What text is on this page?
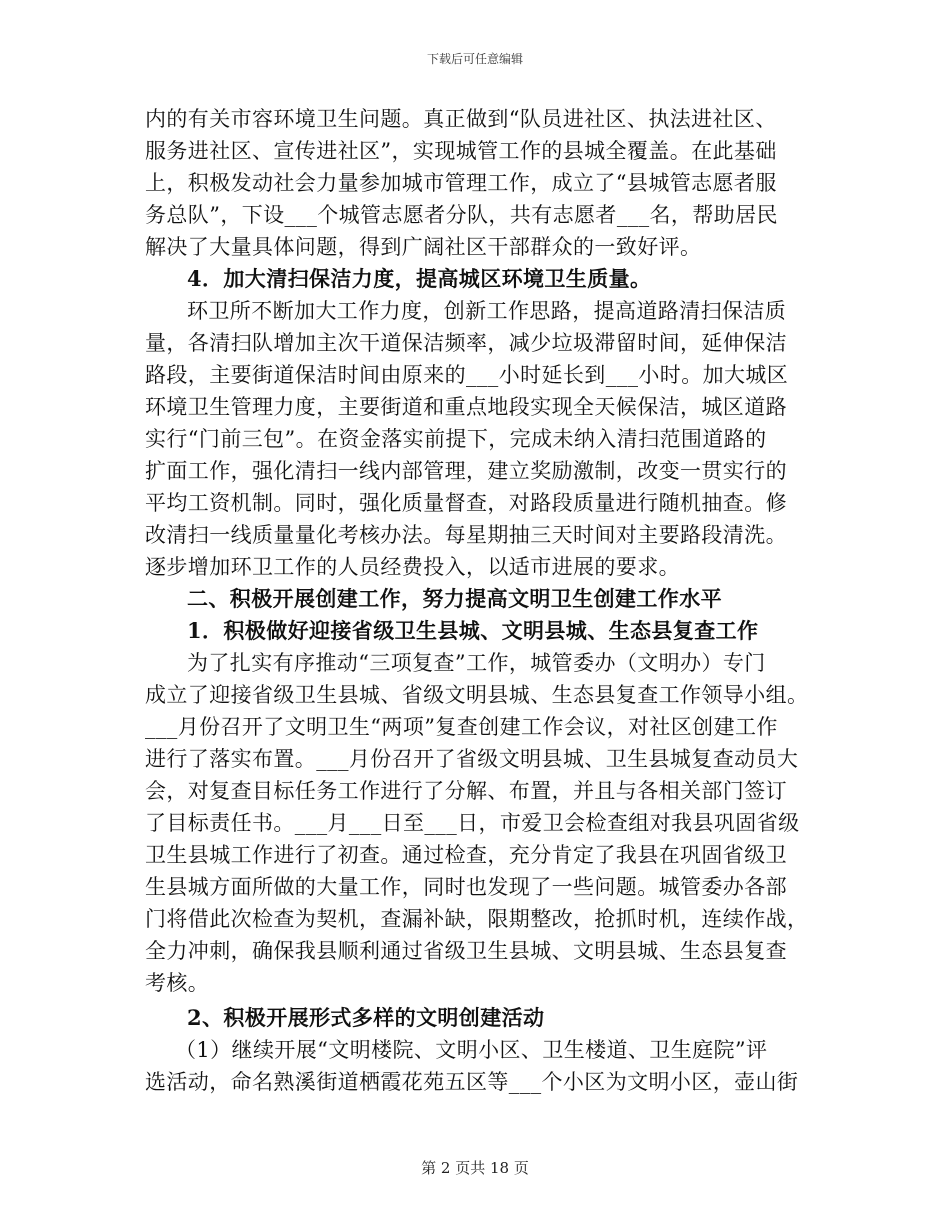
下载后可任意编辑
内的有关市容环境卫生问题。真正做到“队员进社区、执法进社区、
服务进社区、宣传进社区”，实现城管工作的县城全覆盖。在此基础
上，积极发动社会力量参加城市管理工作，成立了“县城管志愿者服
务总队”，下设___个城管志愿者分队，共有志愿者___名，帮助居民
解决了大量具体问题，得到广阔社区干部群众的一致好评。
4．加大清扫保洁力度，提高城区环境卫生质量。
环卫所不断加大工作力度，创新工作思路，提高道路清扫保洁质
量，各清扫队增加主次干道保洁频率，减少垃圾滞留时间，延伸保洁
路段，主要街道保洁时间由原来的___小时延长到___小时。加大城区
环境卫生管理力度，主要街道和重点地段实现全天候保洁，城区道路
实行“门前三包”。在资金落实前提下，完成未纳入清扫范围道路的
扩面工作，强化清扫一线内部管理，建立奖励激制，改变一贯实行的
平均工资机制。同时，强化质量督查，对路段质量进行随机抽查。修
改清扫一线质量量化考核办法。每星期抽三天时间对主要路段清洗。
逐步增加环卫工作的人员经费投入，以适市进展的要求。
二、积极开展创建工作，努力提高文明卫生创建工作水平
1．积极做好迎接省级卫生县城、文明县城、生态县复查工作
为了扎实有序推动“三项复查”工作，城管委办（文明办）专门
成立了迎接省级卫生县城、省级文明县城、生态县复查工作领导小组。
___月份召开了文明卫生“两项”复查创建工作会议，对社区创建工作
进行了落实布置。___月份召开了省级文明县城、卫生县城复查动员大
会，对复查目标任务工作进行了分解、布置，并且与各相关部门签订
了目标责任书。___月___日至___日，市爱卫会检查组对我县巩固省级
卫生县城工作进行了初查。通过检查，充分肯定了我县在巩固省级卫
生县城方面所做的大量工作，同时也发现了一些问题。城管委办各部
门将借此次检查为契机，查漏补缺，限期整改，抢抓时机，连续作战，
全力冲刺，确保我县顺利通过省级卫生县城、文明县城、生态县复查
考核。
2、积极开展形式多样的文明创建活动
（1）继续开展“文明楼院、文明小区、卫生楼道、卫生庭院”评
选活动，命名熟溪街道栖霞花苑五区等___个小区为文明小区，壶山街
第 2 页共 18 页
